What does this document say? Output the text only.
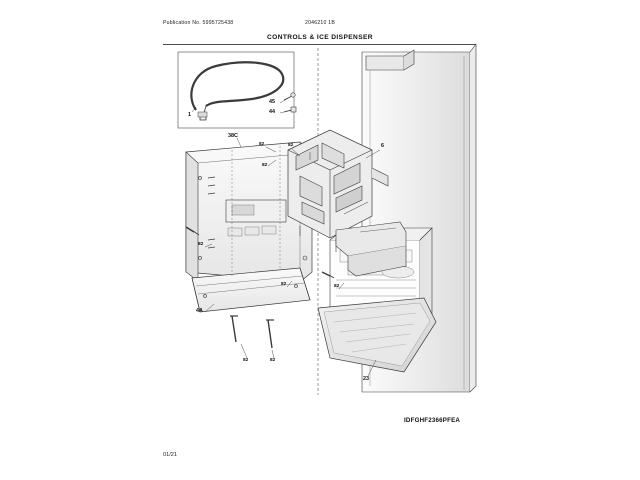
Publication No. 5995725438	2046210 1B
CONTROLS & ICE DISPENSER
1
45
44
38C
82
82	82	6
82
82	82
4A
82	82
23
IDFGHF2366PFEA
01/21
